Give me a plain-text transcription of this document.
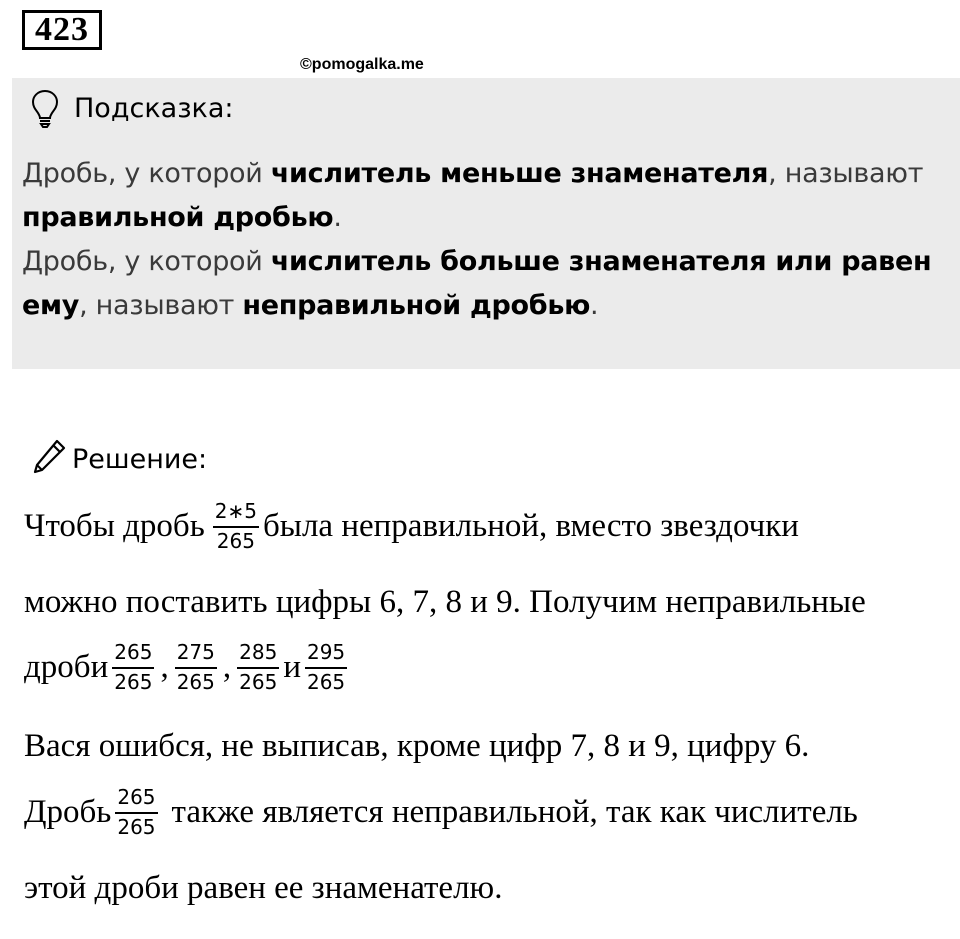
423
©pomogalka.me
Подсказка:
Дробь, у которой числитель меньше знаменателя, называют
правильной дробью.
Дробь, у которой числитель больше знаменателя или равен
ему, называют неправильной дробью.
Решение:
Чтобы дробь $\frac{2∗5}{265}$ была неправильной, вместо звездочки
можно поставить цифры 6, 7, 8 и 9. Получим неправильные
дроби $\frac{265}{265}$ , $\frac{275}{265}$ , $\frac{285}{265}$ и $\frac{295}{265}$
Вася ошибся, не выписав, кроме цифр 7, 8 и 9, цифру 6.
Дробь $\frac{265}{265}$ также является неправильной, так как числитель
этой дроби равен ее знаменателю.
